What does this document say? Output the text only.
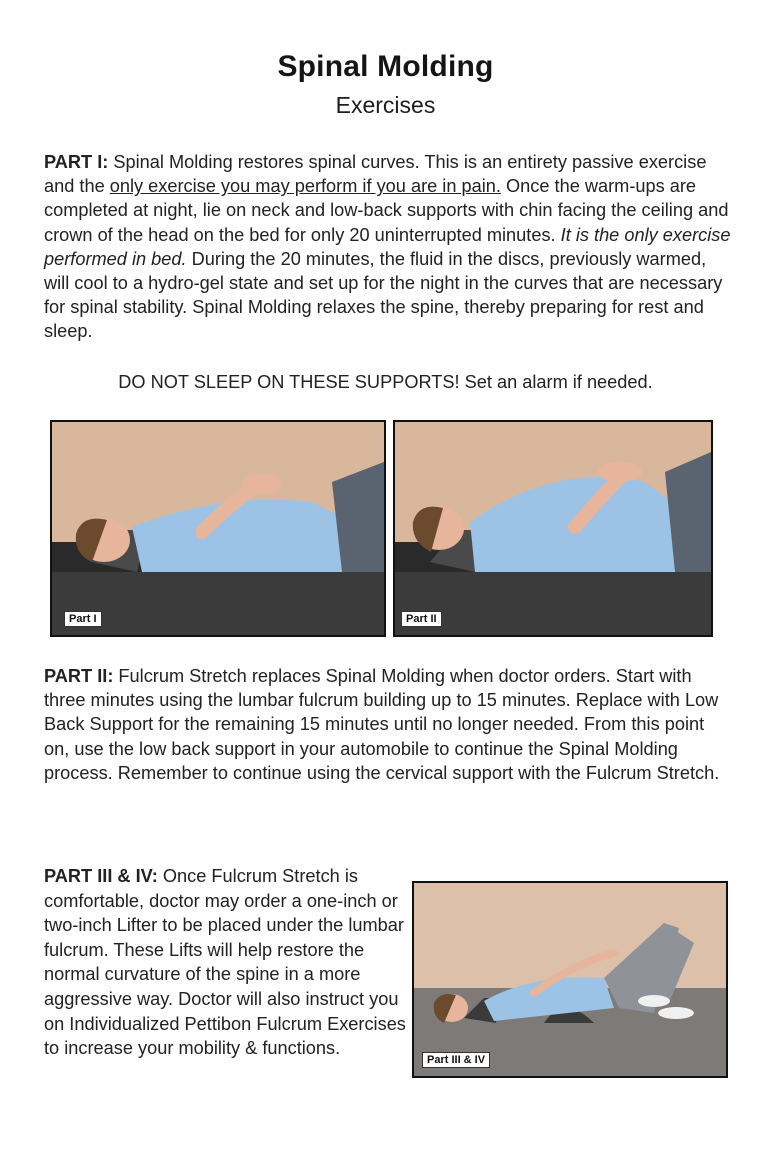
Spinal Molding
Exercises
PART I: Spinal Molding restores spinal curves. This is an entirety passive exercise and the only exercise you may perform if you are in pain. Once the warm-ups are completed at night, lie on neck and low-back supports with chin facing the ceiling and crown of the head on the bed for only 20 uninterrupted minutes. It is the only exercise performed in bed. During the 20 minutes, the fluid in the discs, previously warmed, will cool to a hydro-gel state and set up for the night in the curves that are necessary for spinal stability. Spinal Molding relaxes the spine, thereby preparing for rest and sleep.
DO NOT SLEEP ON THESE SUPPORTS! Set an alarm if needed.
Part I	Part II
PART II: Fulcrum Stretch replaces Spinal Molding when doctor orders. Start with three minutes using the lumbar fulcrum building up to 15 minutes. Replace with Low Back Support for the remaining 15 minutes until no longer needed. From this point on, use the low back support in your automobile to continue the Spinal Molding process. Remember to continue using the cervical support with the Fulcrum Stretch.
PART III & IV: Once Fulcrum Stretch is comfortable, doctor may order a one-inch or two-inch Lifter to be placed under the lumbar fulcrum. These Lifts will help restore the normal curvature of the spine in a more aggressive way. Doctor will also instruct you on Individualized Pettibon Fulcrum Exercises to increase your mobility & functions.
Part III & IV
